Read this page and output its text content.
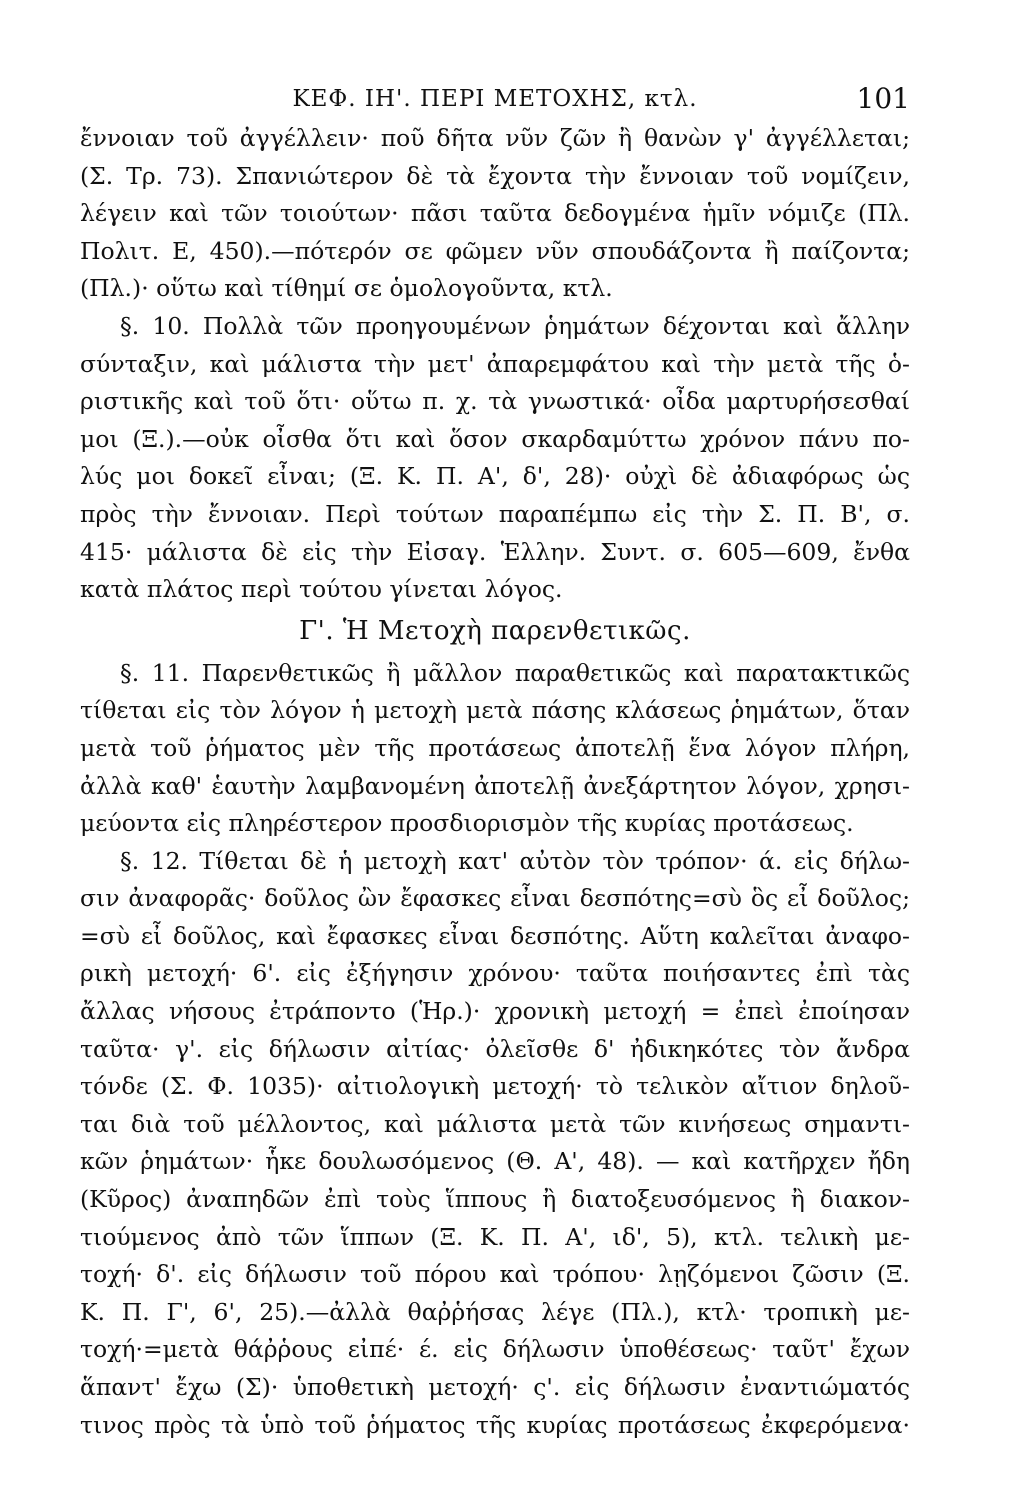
ΚΕΦ. ΙΗ'. ΠΕΡΙ ΜΕΤΟΧΗΣ, κτλ.	101
ἔννοιαν τοῦ ἀγγέλλειν· ποῦ δῆτα νῦν ζῶν ἢ θανὼν γ' ἀγγέλλεται;
(Σ. Τρ. 73). Σπανιώτερον δὲ τὰ ἔχοντα τὴν ἔννοιαν τοῦ νομίζειν,
λέγειν καὶ τῶν τοιούτων· πᾶσι ταῦτα δεδογμένα ἡμῖν νόμιζε (Πλ.
Πολιτ. Ε, 450).—πότερόν σε φῶμεν νῦν σπουδάζοντα ἢ παίζοντα;
(Πλ.)· οὕτω καὶ τίθημί σε ὁμολογοῦντα, κτλ.
§. 10. Πολλὰ τῶν προηγουμένων ῥημάτων δέχονται καὶ ἄλλην
σύνταξιν, καὶ μάλιστα τὴν μετ' ἀπαρεμφάτου καὶ τὴν μετὰ τῆς ὁ-
ριστικῆς καὶ τοῦ ὅτι· οὕτω π. χ. τὰ γνωστικά· οἶδα μαρτυρήσεσθαί
μοι (Ξ.).—οὐκ οἶσθα ὅτι καὶ ὅσον σκαρδαμύττω χρόνον πάνυ πο-
λύς μοι δοκεῖ εἶναι; (Ξ. Κ. Π. Α', δ', 28)· οὐχὶ δὲ ἀδιαφόρως ὡς
πρὸς τὴν ἔννοιαν. Περὶ τούτων παραπέμπω εἰς τὴν Σ. Π. Β', σ.
415· μάλιστα δὲ εἰς τὴν Εἰσαγ. Ἑλλην. Συντ. σ. 605—609, ἔνθα
κατὰ πλάτος περὶ τούτου γίνεται λόγος.
Γ'. Ἡ Μετοχὴ παρενθετικῶς.
§. 11. Παρενθετικῶς ἢ μᾶλλον παραθετικῶς καὶ παρατακτικῶς
τίθεται εἰς τὸν λόγον ἡ μετοχὴ μετὰ πάσης κλάσεως ῥημάτων, ὅταν
μετὰ τοῦ ῥήματος μὲν τῆς προτάσεως ἀποτελῇ ἕνα λόγον πλήρη,
ἀλλὰ καθ' ἑαυτὴν λαμβανομένη ἀποτελῇ ἀνεξάρτητον λόγον, χρησι-
μεύοντα εἰς πληρέστερον προσδιορισμὸν τῆς κυρίας προτάσεως.
§. 12. Τίθεται δὲ ἡ μετοχὴ κατ' αὐτὸν τὸν τρόπον· ά. εἰς δήλω-
σιν ἀναφορᾶς· δοῦλος ὢν ἔφασκες εἶναι δεσπότης=σὺ ὃς εἶ δοῦλος;
=σὺ εἶ δοῦλος, καὶ ἔφασκες εἶναι δεσπότης. Αὕτη καλεῖται ἀναφο-
ρικὴ μετοχή· 6'. εἰς ἐξήγησιν χρόνου· ταῦτα ποιήσαντες ἐπὶ τὰς
ἄλλας νήσους ἐτράποντο (Ἡρ.)· χρονικὴ μετοχή = ἐπεὶ ἐποίησαν
ταῦτα· γ'. εἰς δήλωσιν αἰτίας· ὀλεῖσθε δ' ἠδικηκότες τὸν ἄνδρα
τόνδε (Σ. Φ. 1035)· αἰτιολογικὴ μετοχή· τὸ τελικὸν αἴτιον δηλοῦ-
ται διὰ τοῦ μέλλοντος, καὶ μάλιστα μετὰ τῶν κινήσεως σημαντι-
κῶν ῥημάτων· ἧκε δουλωσόμενος (Θ. Α', 48). — καὶ κατῆρχεν ἤδη
(Κῦρος) ἀναπηδῶν ἐπὶ τοὺς ἵππους ἢ διατοξευσόμενος ἢ διακον-
τιούμενος ἀπὸ τῶν ἵππων (Ξ. Κ. Π. Α', ιδ', 5), κτλ. τελικὴ με-
τοχή· δ'. εἰς δήλωσιν τοῦ πόρου καὶ τρόπου· λῃζόμενοι ζῶσιν (Ξ.
Κ. Π. Γ', 6', 25).—ἀλλὰ θαῤῥήσας λέγε (Πλ.), κτλ· τροπικὴ με-
τοχή·=μετὰ θάῤῥους εἰπέ· έ. εἰς δήλωσιν ὑποθέσεως· ταῦτ' ἔχων
ἅπαντ' ἔχω (Σ)· ὑποθετικὴ μετοχή· ς'. εἰς δήλωσιν ἐναντιώματός
τινος πρὸς τὰ ὑπὸ τοῦ ῥήματος τῆς κυρίας προτάσεως ἐκφερόμενα·
